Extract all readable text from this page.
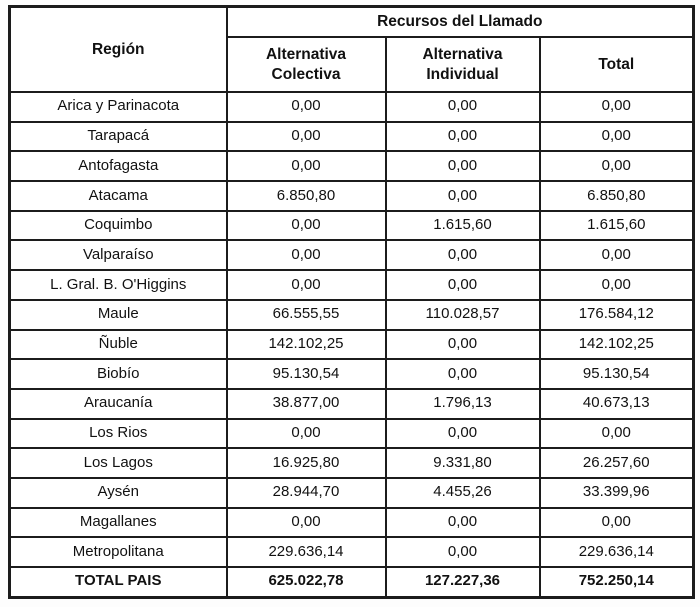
Región	Recursos del Llamado		
	Alternativa Colectiva	Alternativa Individual	Total
Arica y Parinacota	0,00	0,00	0,00
Tarapacá	0,00	0,00	0,00
Antofagasta	0,00	0,00	0,00
Atacama	6.850,80	0,00	6.850,80
Coquimbo	0,00	1.615,60	1.615,60
Valparaíso	0,00	0,00	0,00
L. Gral. B. O'Higgins	0,00	0,00	0,00
Maule	66.555,55	110.028,57	176.584,12
Ñuble	142.102,25	0,00	142.102,25
Biobío	95.130,54	0,00	95.130,54
Araucanía	38.877,00	1.796,13	40.673,13
Los Rios	0,00	0,00	0,00
Los Lagos	16.925,80	9.331,80	26.257,60
Aysén	28.944,70	4.455,26	33.399,96
Magallanes	0,00	0,00	0,00
Metropolitana	229.636,14	0,00	229.636,14
TOTAL PAIS	625.022,78	127.227,36	752.250,14
